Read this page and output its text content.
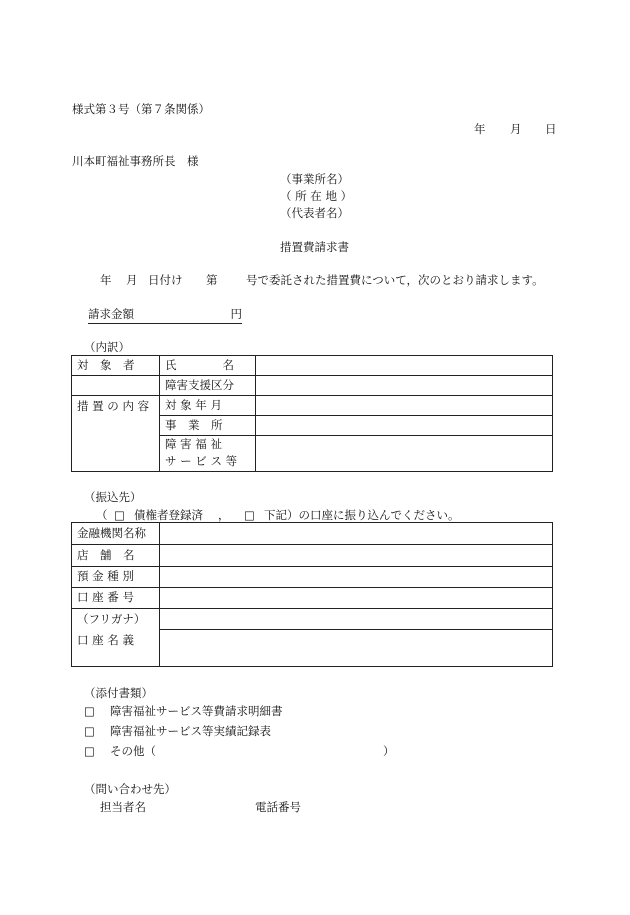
様式第３号（第７条関係）
年 月 日
川本町福祉事務所長　様
（事業所名）
（ 所 在 地 ）
（代表者名）
措置費請求書
年 月 日付け 第 号で委託された措置費について，次のとおり請求します。
請求金額	円
（内訳）
対　象　者	氏　　　　名	
	障害支援区分	
措 置 の 内 容	対 象 年 月	
	事　業　所	

	障 害 福 祉
サ ー ビ ス 等	

（振込先）
（ □ 債権者登録済 ， □ 下記）の口座に振り込んでください。
金融機関名称	
店　舗　名	
預 金 種 別	
口 座 番 号	
（フリガナ）	
口 座 名 義	
（添付書類）
□ 障害福祉サービス等費請求明細書
□ 障害福祉サービス等実績記録表
□ その他（	）
（問い合わせ先）
担当者名	電話番号
